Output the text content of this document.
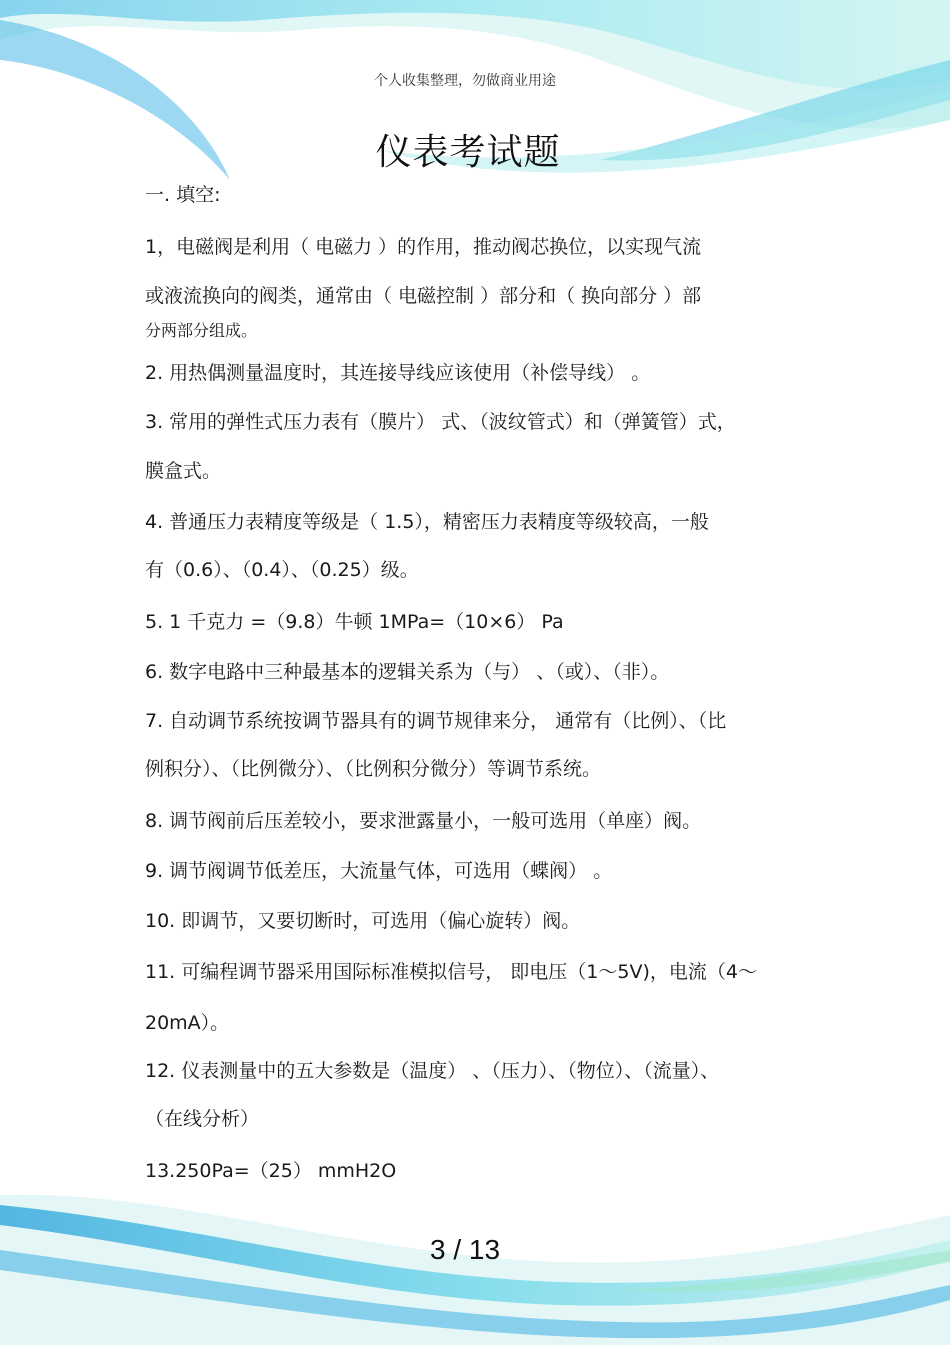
个人收集整理，勿做商业用途
仪表考试题
一. 填空:
1，电磁阀是利用（ 电磁力 ）的作用，推动阀芯换位，以实现气流
或液流换向的阀类，通常由（ 电磁控制 ）部分和（ 换向部分 ）部
分两部分组成。
2. 用热偶测量温度时，其连接导线应该使用（补偿导线） 。
3. 常用的弹性式压力表有（膜片） 式、（波纹管式）和（弹簧管）式，
膜盒式。
4. 普通压力表精度等级是（ 1.5），精密压力表精度等级较高，一般
有（0.6）、（0.4）、（0.25）级。
5. 1 千克力 =（9.8）牛顿 1MPa=（10×6） Pa
6. 数字电路中三种最基本的逻辑关系为（与） 、（或）、（非）。
7. 自动调节系统按调节器具有的调节规律来分， 通常有（比例）、（比
例积分）、（比例微分）、（比例积分微分）等调节系统。
8. 调节阀前后压差较小，要求泄露量小，一般可选用（单座）阀。
9. 调节阀调节低差压，大流量气体，可选用（蝶阀） 。
10. 即调节，又要切断时，可选用（偏心旋转）阀。
11. 可编程调节器采用国际标准模拟信号， 即电压（1～5V)，电流（4～
20mA）。
12. 仪表测量中的五大参数是（温度） 、（压力）、（物位）、（流量）、
（在线分析）
13.250Pa=（25） mmH2O
3 / 13
